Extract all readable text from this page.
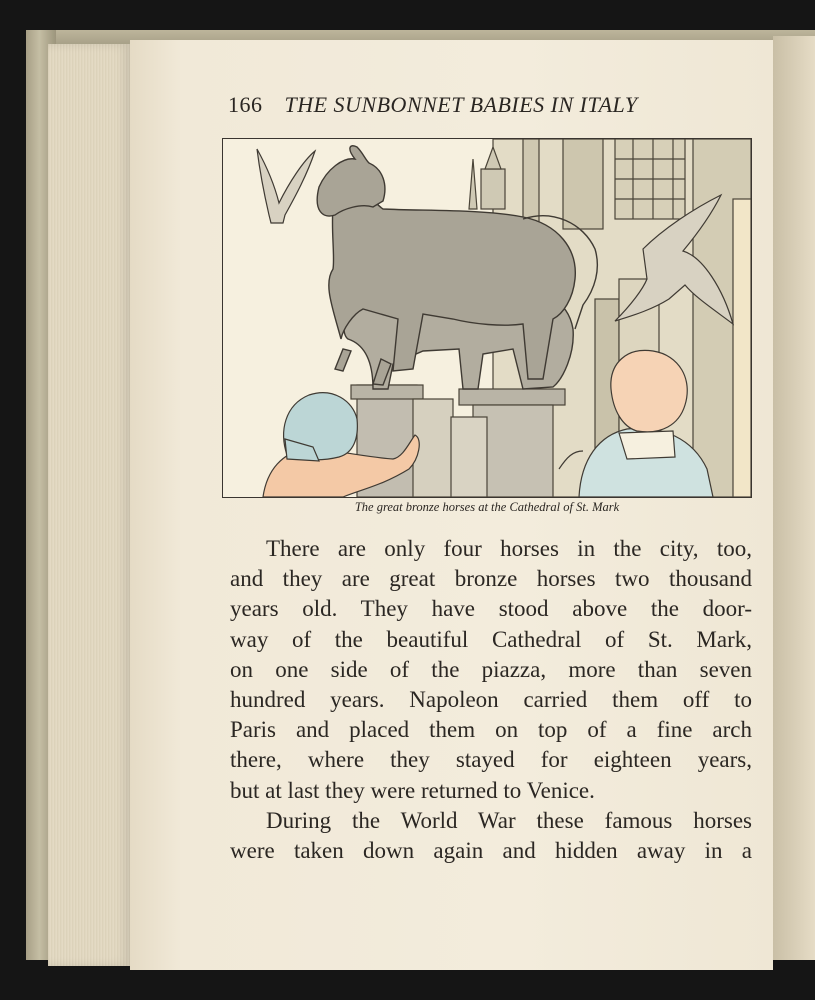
166 THE SUNBONNET BABIES IN ITALY
The great bronze horses at the Cathedral of St. Mark
There are only four horses in the city, too,
and they are great bronze horses two thousand
years old. They have stood above the door-
way of the beautiful Cathedral of St. Mark,
on one side of the piazza, more than seven
hundred years. Napoleon carried them off to
Paris and placed them on top of a fine arch
there, where they stayed for eighteen years,
but at last they were returned to Venice.
During the World War these famous horses
were taken down again and hidden away in a
